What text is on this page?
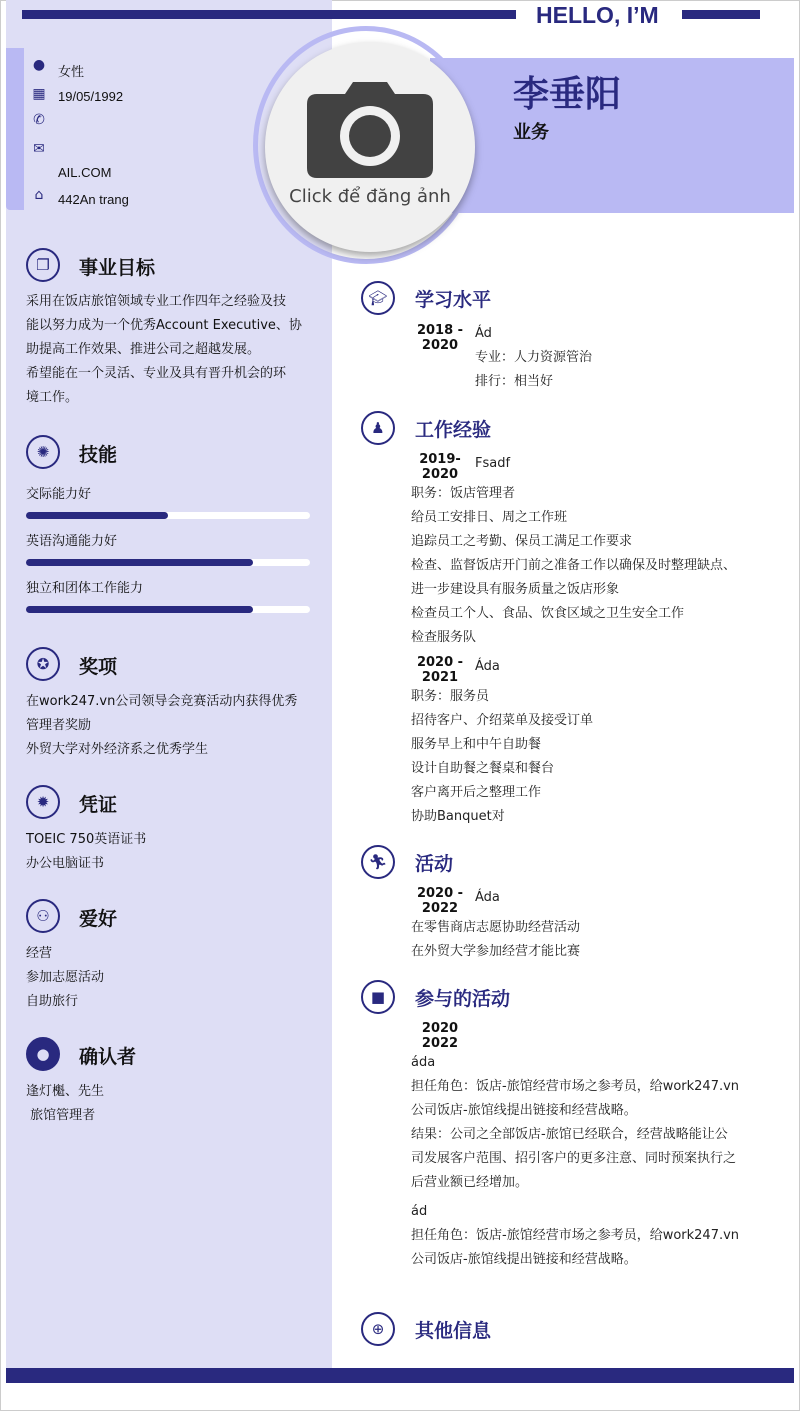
HELLO, I’M
● 女性
▦ 19/05/1992
✆
✉
AIL.COM
⌂ 442An trang
李垂阳
业务
Click để đăng ảnh
❐	事业目标
采用在饭店旅馆领域专业工作四年之经验及技
能以努力成为一个优秀Account Executive、协
助提高工作效果、推进公司之超越发展。
希望能在一个灵活、专业及具有晋升机会的环
境工作。
✺	技能
交际能力好
英语沟通能力好
独立和团体工作能力
✪	奖项
在work247.vn公司领导会竞赛活动内获得优秀
管理者奖励
外贸大学对外经济系之优秀学生
✹	凭证
TOEIC 750英语证书
办公电脑证书
⚇	爱好
经营
参加志愿活动
自助旅行
●	确认者
逢灯櫆、先生
旅馆管理者
🎓︎	学习水平
2018 -
2020
Ád
专业：人力资源管治
排行：相当好
♟	工作经验
2019-
2020
Fsadf
职务：饭店管理者
给员工安排日、周之工作班
追踪员工之考勤、保员工满足工作要求
检查、监督饭店开门前之准备工作以确保及时整理缺点、
进一步建设具有服务质量之饭店形象
检查员工个人、食品、饮食区域之卫生安全工作
检查服务队
2020 -
2021
Áda
职务：服务员
招待客户、介绍菜单及接受订单
服务早上和中午自助餐
设计自助餐之餐桌和餐台
客户离开后之整理工作
协助Banquet对
🏃︎	活动
2020 -
2022
Áda
在零售商店志愿协助经营活动
在外贸大学参加经营才能比赛
■	参与的活动
2020
2022
áda
担任角色：饭店-旅馆经营市场之参考员，给work247.vn
公司饭店-旅馆线提出链接和经营战略。
结果：公司之全部饭店-旅馆已经联合，经营战略能让公
司发展客户范围、招引客户的更多注意、同时预案执行之
后营业额已经增加。
ád
担任角色：饭店-旅馆经营市场之参考员，给work247.vn
公司饭店-旅馆线提出链接和经营战略。
⊕	其他信息
